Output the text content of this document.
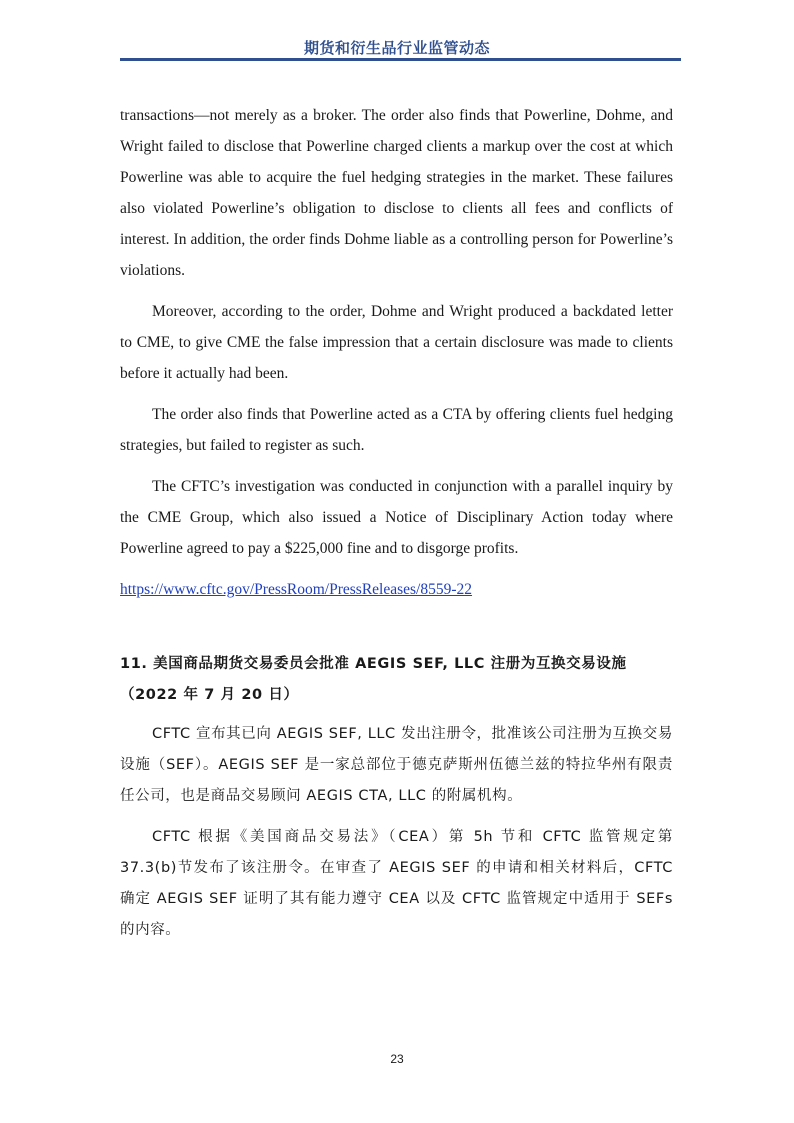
期货和衍生品行业监管动态

transactions—not merely as a broker. The order also finds that Powerline, Dohme, and Wright failed to disclose that Powerline charged clients a markup over the cost at which Powerline was able to acquire the fuel hedging strategies in the market. These failures also violated Powerline’s obligation to disclose to clients all fees and conflicts of interest. In addition, the order finds Dohme liable as a controlling person for Powerline’s violations.

Moreover, according to the order, Dohme and Wright produced a backdated letter to CME, to give CME the false impression that a certain disclosure was made to clients before it actually had been.

The order also finds that Powerline acted as a CTA by offering clients fuel hedging strategies, but failed to register as such.

The CFTC’s investigation was conducted in conjunction with a parallel inquiry by the CME Group, which also issued a Notice of Disciplinary Action today where Powerline agreed to pay a $225,000 fine and to disgorge profits.

https://www.cftc.gov/PressRoom/PressReleases/8559-22
11. 美国商品期货交易委员会批准 AEGIS SEF, LLC 注册为互换交易设施（2022 年 7 月 20 日）

CFTC 宣布其已向 AEGIS SEF, LLC 发出注册令，批准该公司注册为互换交易设施（SEF）。AEGIS SEF 是一家总部位于德克萨斯州伍德兰兹的特拉华州有限责任公司，也是商品交易顾问 AEGIS CTA, LLC 的附属机构。

CFTC 根据《美国商品交易法》（CEA）第 5h 节和 CFTC 监管规定第 37.3(b)节发布了该注册令。在审查了 AEGIS SEF 的申请和相关材料后，CFTC 确定 AEGIS SEF 证明了其有能力遵守 CEA 以及 CFTC 监管规定中适用于 SEFs 的内容。

23
